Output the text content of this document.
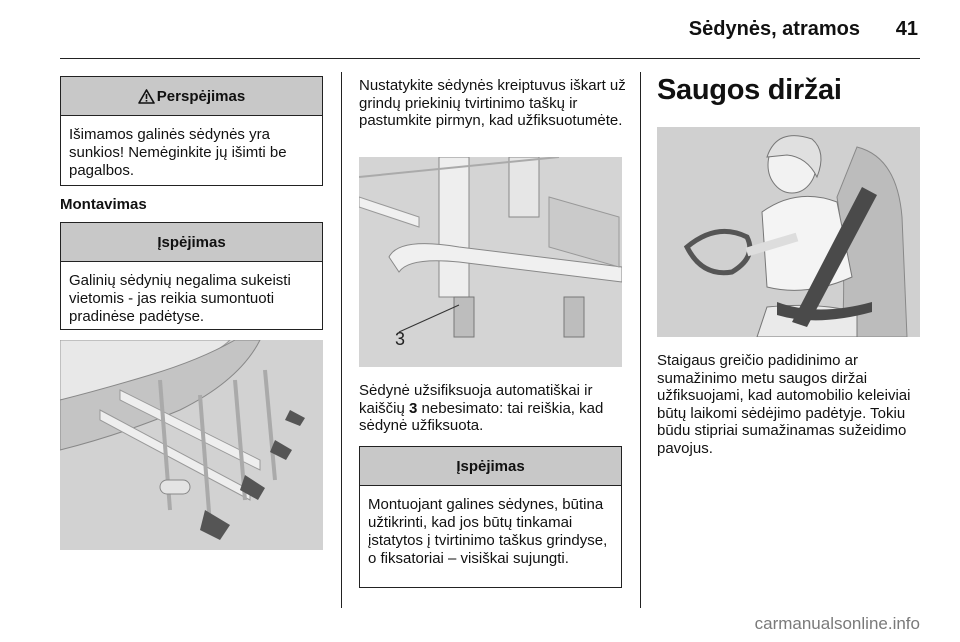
Sėdynės, atramos	41
Perspėjimas
Išimamos galinės sėdynės yra sunkios! Nemėginkite jų išimti be pagalbos.
Montavimas
Įspėjimas
Galinių sėdynių negalima sukeisti vietomis - jas reikia sumontuoti pradinėse padėtyse.
Nustatykite sėdynės kreiptuvus iškart už grindų priekinių tvirtinimo taškų ir pastumkite pirmyn, kad užfiksuotumėte.
3
Sėdynė užsifiksuoja automatiškai ir kaiščių 3 nebesimato: tai reiškia, kad sėdynė užfiksuota.
Įspėjimas
Montuojant galines sėdynes, būtina užtikrinti, kad jos būtų tinkamai įstatytos į tvirtinimo taškus grindyse, o fiksatoriai – visiškai sujungti.
Saugos diržai
Staigaus greičio padidinimo ar sumažinimo metu saugos diržai užfiksuojami, kad automobilio keleiviai būtų laikomi sėdėjimo padėtyje. Tokiu būdu stipriai sumažinamas sužeidimo pavojus.
carmanualsonline.info
